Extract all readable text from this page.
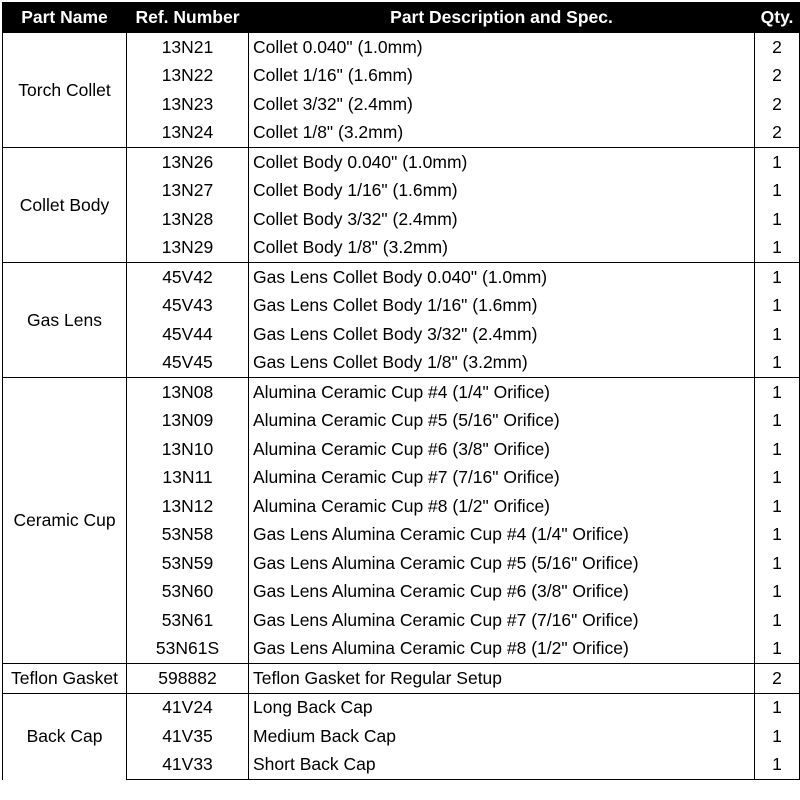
Part Name	Ref. Number	Part Description and Spec.	Qty.
Torch Collet	13N21	Collet 0.040" (1.0mm)	2
	13N22	Collet 1/16" (1.6mm)	2
	13N23	Collet 3/32" (2.4mm)	2
	13N24	Collet 1/8" (3.2mm)	2
Collet Body	13N26	Collet Body 0.040" (1.0mm)	1
	13N27	Collet Body 1/16" (1.6mm)	1
	13N28	Collet Body 3/32" (2.4mm)	1
	13N29	Collet Body 1/8" (3.2mm)	1
Gas Lens	45V42	Gas Lens Collet Body 0.040" (1.0mm)	1
	45V43	Gas Lens Collet Body 1/16" (1.6mm)	1
	45V44	Gas Lens Collet Body 3/32" (2.4mm)	1
	45V45	Gas Lens Collet Body 1/8" (3.2mm)	1
Ceramic Cup	13N08	Alumina Ceramic Cup #4 (1/4" Orifice)	1
	13N09	Alumina Ceramic Cup #5 (5/16" Orifice)	1
	13N10	Alumina Ceramic Cup #6 (3/8" Orifice)	1
	13N11	Alumina Ceramic Cup #7 (7/16" Orifice)	1
	13N12	Alumina Ceramic Cup #8 (1/2" Orifice)	1
	53N58	Gas Lens Alumina Ceramic Cup #4 (1/4" Orifice)	1
	53N59	Gas Lens Alumina Ceramic Cup #5 (5/16" Orifice)	1
	53N60	Gas Lens Alumina Ceramic Cup #6 (3/8" Orifice)	1
	53N61	Gas Lens Alumina Ceramic Cup #7 (7/16" Orifice)	1
	53N61S	Gas Lens Alumina Ceramic Cup #8 (1/2" Orifice)	1
Teflon Gasket	598882	Teflon Gasket for Regular Setup	2
Back Cap	41V24	Long Back Cap	1
	41V35	Medium Back Cap	1
	41V33	Short Back Cap	1
